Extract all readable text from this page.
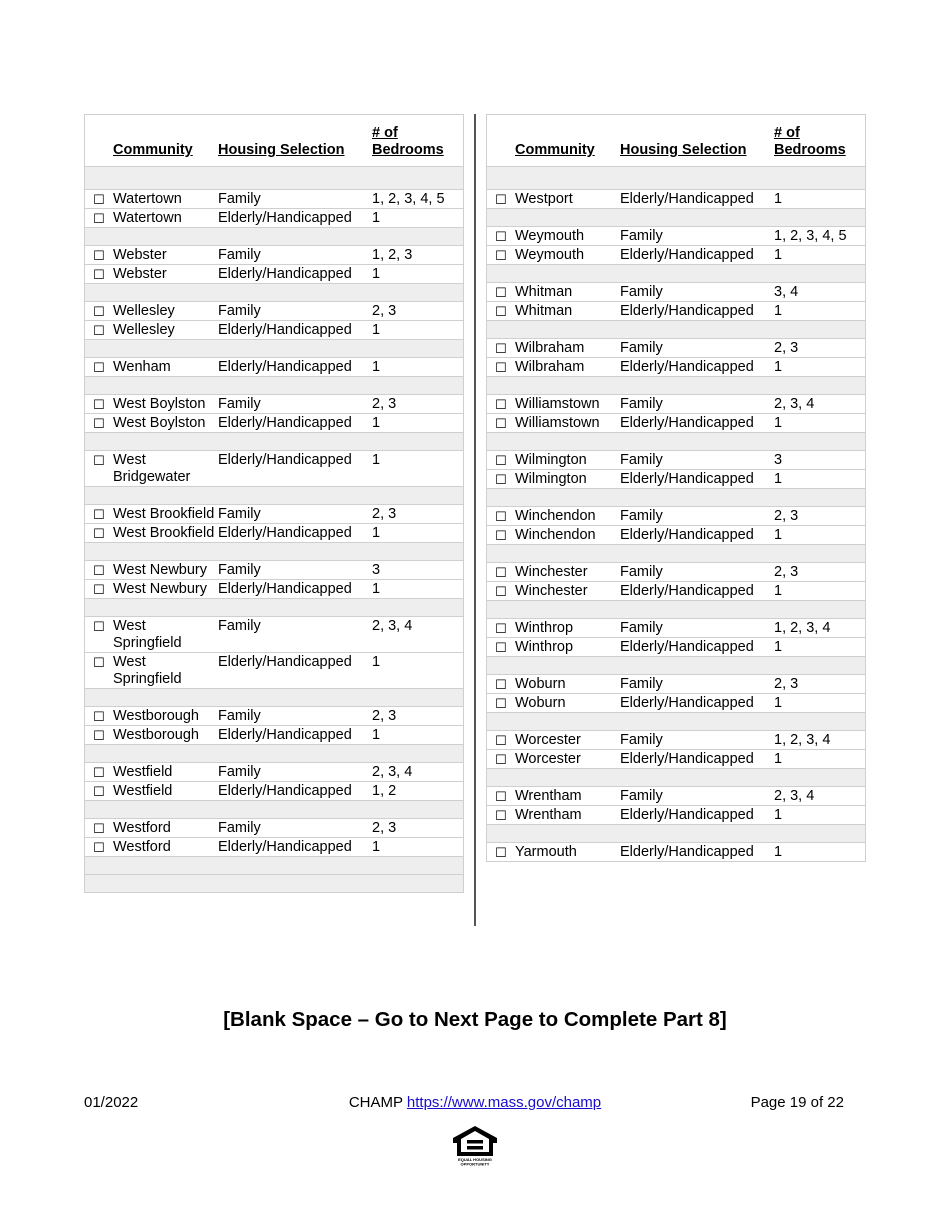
	Community	Housing Selection	# of
Bedrooms

☐	Watertown	Family	1, 2, 3, 4, 5
☐	Watertown	Elderly/Handicapped	1

☐	Webster	Family	1, 2, 3
☐	Webster	Elderly/Handicapped	1

☐	Wellesley	Family	2, 3
☐	Wellesley	Elderly/Handicapped	1

☐	Wenham	Elderly/Handicapped	1

☐	West Boylston	Family	2, 3
☐	West Boylston	Elderly/Handicapped	1

☐	West Bridgewater	Elderly/Handicapped	1

☐	West Brookfield	Family	2, 3
☐	West Brookfield	Elderly/Handicapped	1

☐	West Newbury	Family	3
☐	West Newbury	Elderly/Handicapped	1

☐	West Springfield	Family	2, 3, 4
☐	West Springfield	Elderly/Handicapped	1

☐	Westborough	Family	2, 3
☐	Westborough	Elderly/Handicapped	1

☐	Westfield	Family	2, 3, 4
☐	Westfield	Elderly/Handicapped	1, 2

☐	Westford	Family	2, 3
☐	Westford	Elderly/Handicapped	1

	Community	Housing Selection	# of
Bedrooms

☐	Westport	Elderly/Handicapped	1

☐	Weymouth	Family	1, 2, 3, 4, 5
☐	Weymouth	Elderly/Handicapped	1

☐	Whitman	Family	3, 4
☐	Whitman	Elderly/Handicapped	1

☐	Wilbraham	Family	2, 3
☐	Wilbraham	Elderly/Handicapped	1

☐	Williamstown	Family	2, 3, 4
☐	Williamstown	Elderly/Handicapped	1

☐	Wilmington	Family	3
☐	Wilmington	Elderly/Handicapped	1

☐	Winchendon	Family	2, 3
☐	Winchendon	Elderly/Handicapped	1

☐	Winchester	Family	2, 3
☐	Winchester	Elderly/Handicapped	1

☐	Winthrop	Family	1, 2, 3, 4
☐	Winthrop	Elderly/Handicapped	1

☐	Woburn	Family	2, 3
☐	Woburn	Elderly/Handicapped	1

☐	Worcester	Family	1, 2, 3, 4
☐	Worcester	Elderly/Handicapped	1

☐	Wrentham	Family	2, 3, 4
☐	Wrentham	Elderly/Handicapped	1

☐	Yarmouth	Elderly/Handicapped	1
[Blank Space – Go to Next Page to Complete Part 8]
01/2022	CHAMP https://www.mass.gov/champ	Page 19 of 22
EQUAL HOUSING
OPPORTUNITY
